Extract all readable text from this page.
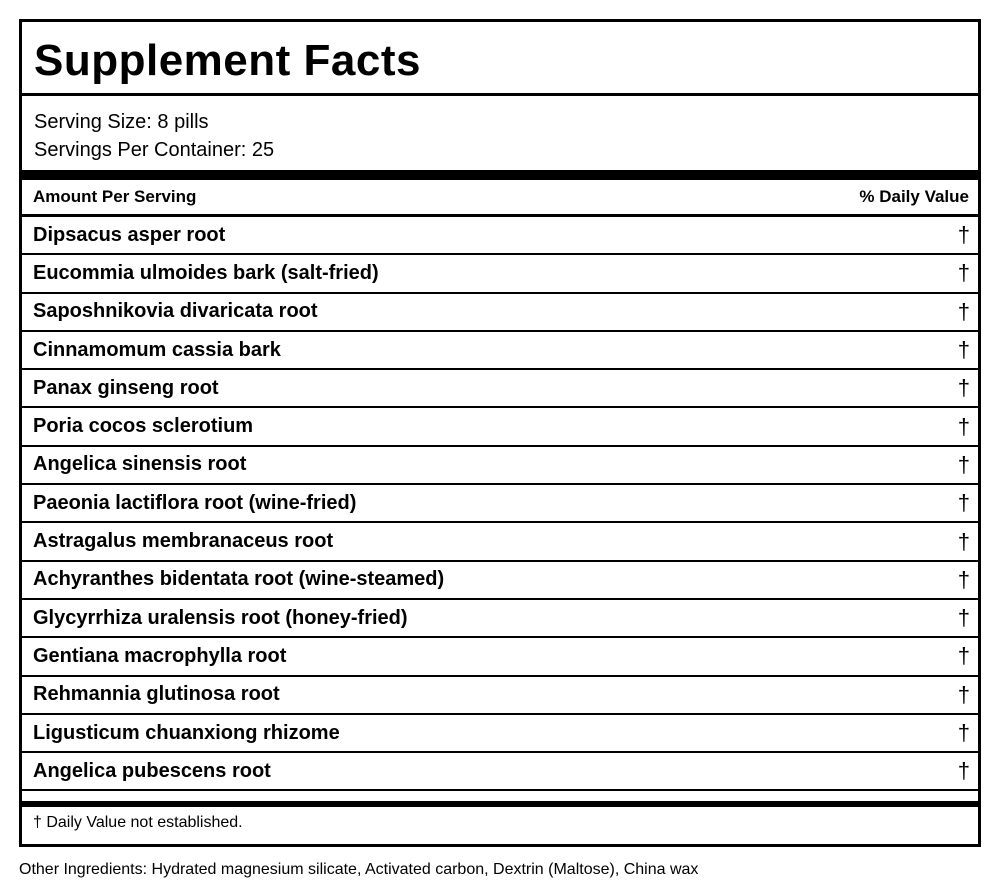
Supplement Facts
Serving Size: 8 pills
Servings Per Container: 25
Amount Per Serving	% Daily Value
Dipsacus asper root	†
Eucommia ulmoides bark (salt-fried)	†
Saposhnikovia divaricata root	†
Cinnamomum cassia bark	†
Panax ginseng root	†
Poria cocos sclerotium	†
Angelica sinensis root	†
Paeonia lactiflora root (wine-fried)	†
Astragalus membranaceus root	†
Achyranthes bidentata root (wine-steamed)	†
Glycyrrhiza uralensis root (honey-fried)	†
Gentiana macrophylla root	†
Rehmannia glutinosa root	†
Ligusticum chuanxiong rhizome	†
Angelica pubescens root	†
† Daily Value not established.
Other Ingredients: Hydrated magnesium silicate, Activated carbon, Dextrin (Maltose), China wax
